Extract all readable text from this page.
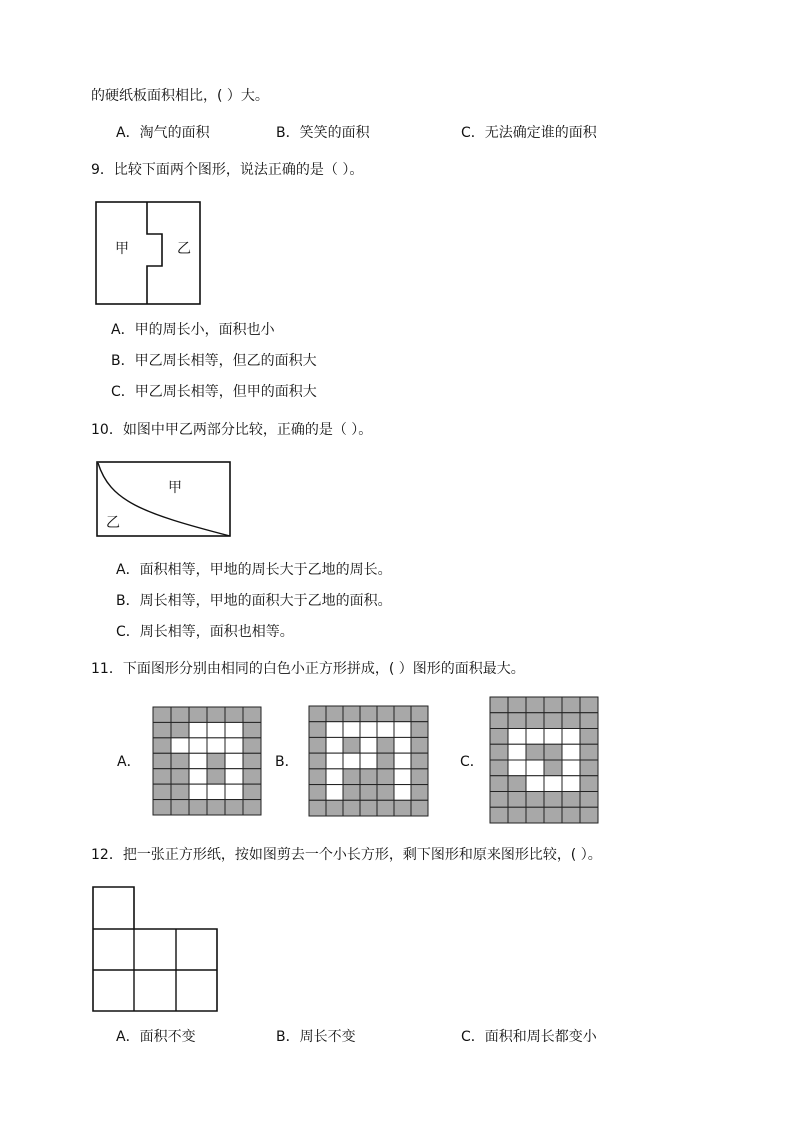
的硬纸板面积相比，( ）大。
A．淘气的面积	B．笑笑的面积	C．无法确定谁的面积
9．比较下面两个图形，说法正确的是（ ）。
甲	乙
A．甲的周长小，面积也小
B．甲乙周长相等，但乙的面积大
C．甲乙周长相等，但甲的面积大
10．如图中甲乙两部分比较，正确的是（ ）。
甲
乙
A．面积相等，甲地的周长大于乙地的周长。
B．周长相等，甲地的面积大于乙地的面积。
C．周长相等，面积也相等。
11．下面图形分别由相同的白色小正方形拼成，( ）图形的面积最大。
A．	B．	C．
12．把一张正方形纸，按如图剪去一个小长方形，剩下图形和原来图形比较，( ）。
A．面积不变	B．周长不变	C．面积和周长都变小
